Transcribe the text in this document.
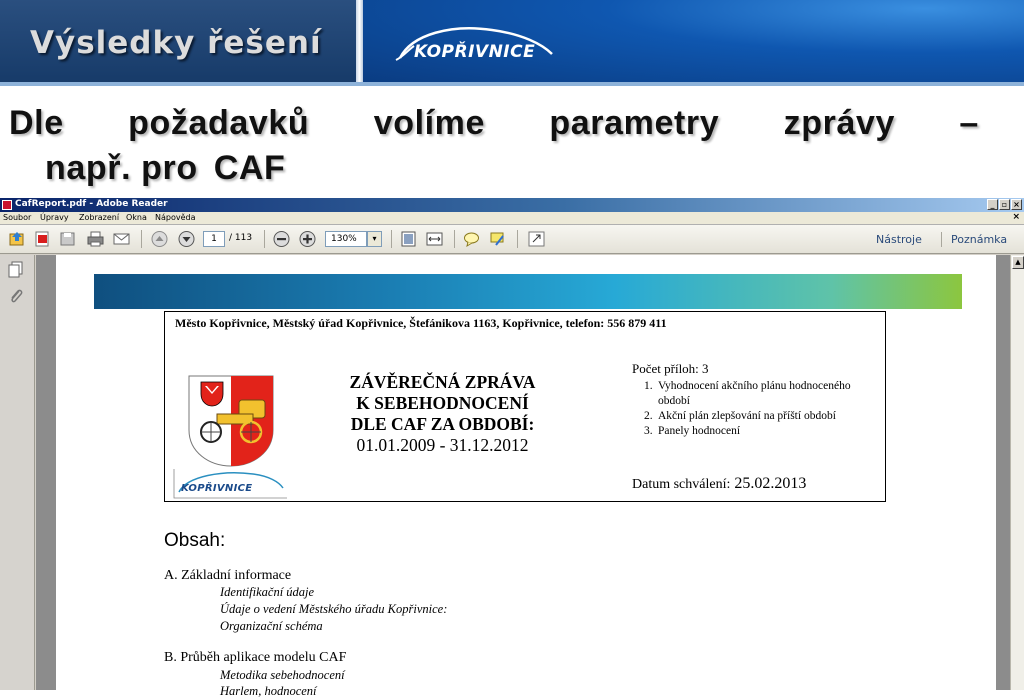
Výsledky řešení	KOPŘIVNICE
Dle požadavků volíme parametry zprávy –
např. pro CAF
CafReport.pdf - Adobe Reader	_ ▫ ×
Soubor Úpravy Zobrazení Okna Nápověda	×
1	/ 113	130%	▾	Nástroje	Poznámka
Město Kopřivnice, Městský úřad Kopřivnice, Štefánikova 1163, Kopřivnice, telefon: 556 879 411
ZÁVĚREČNÁ ZPRÁVA
K SEBEHODNOCENÍ
DLE CAF ZA OBDOBÍ:
01.01.2009 - 31.12.2012
Počet příloh: 3
1. Vyhodnocení akčního plánu hodnoceného období
2. Akční plán zlepšování na příští období
3. Panely hodnocení
Datum schválení: 25.02.2013
KOPŘIVNICE
Obsah:
A. Základní informace
Identifikační údaje
Údaje o vedení Městského úřadu Kopřivnice:
Organizační schéma
B. Průběh aplikace modelu CAF
Metodika sebehodnocení
Harlem, hodnocení
▲
